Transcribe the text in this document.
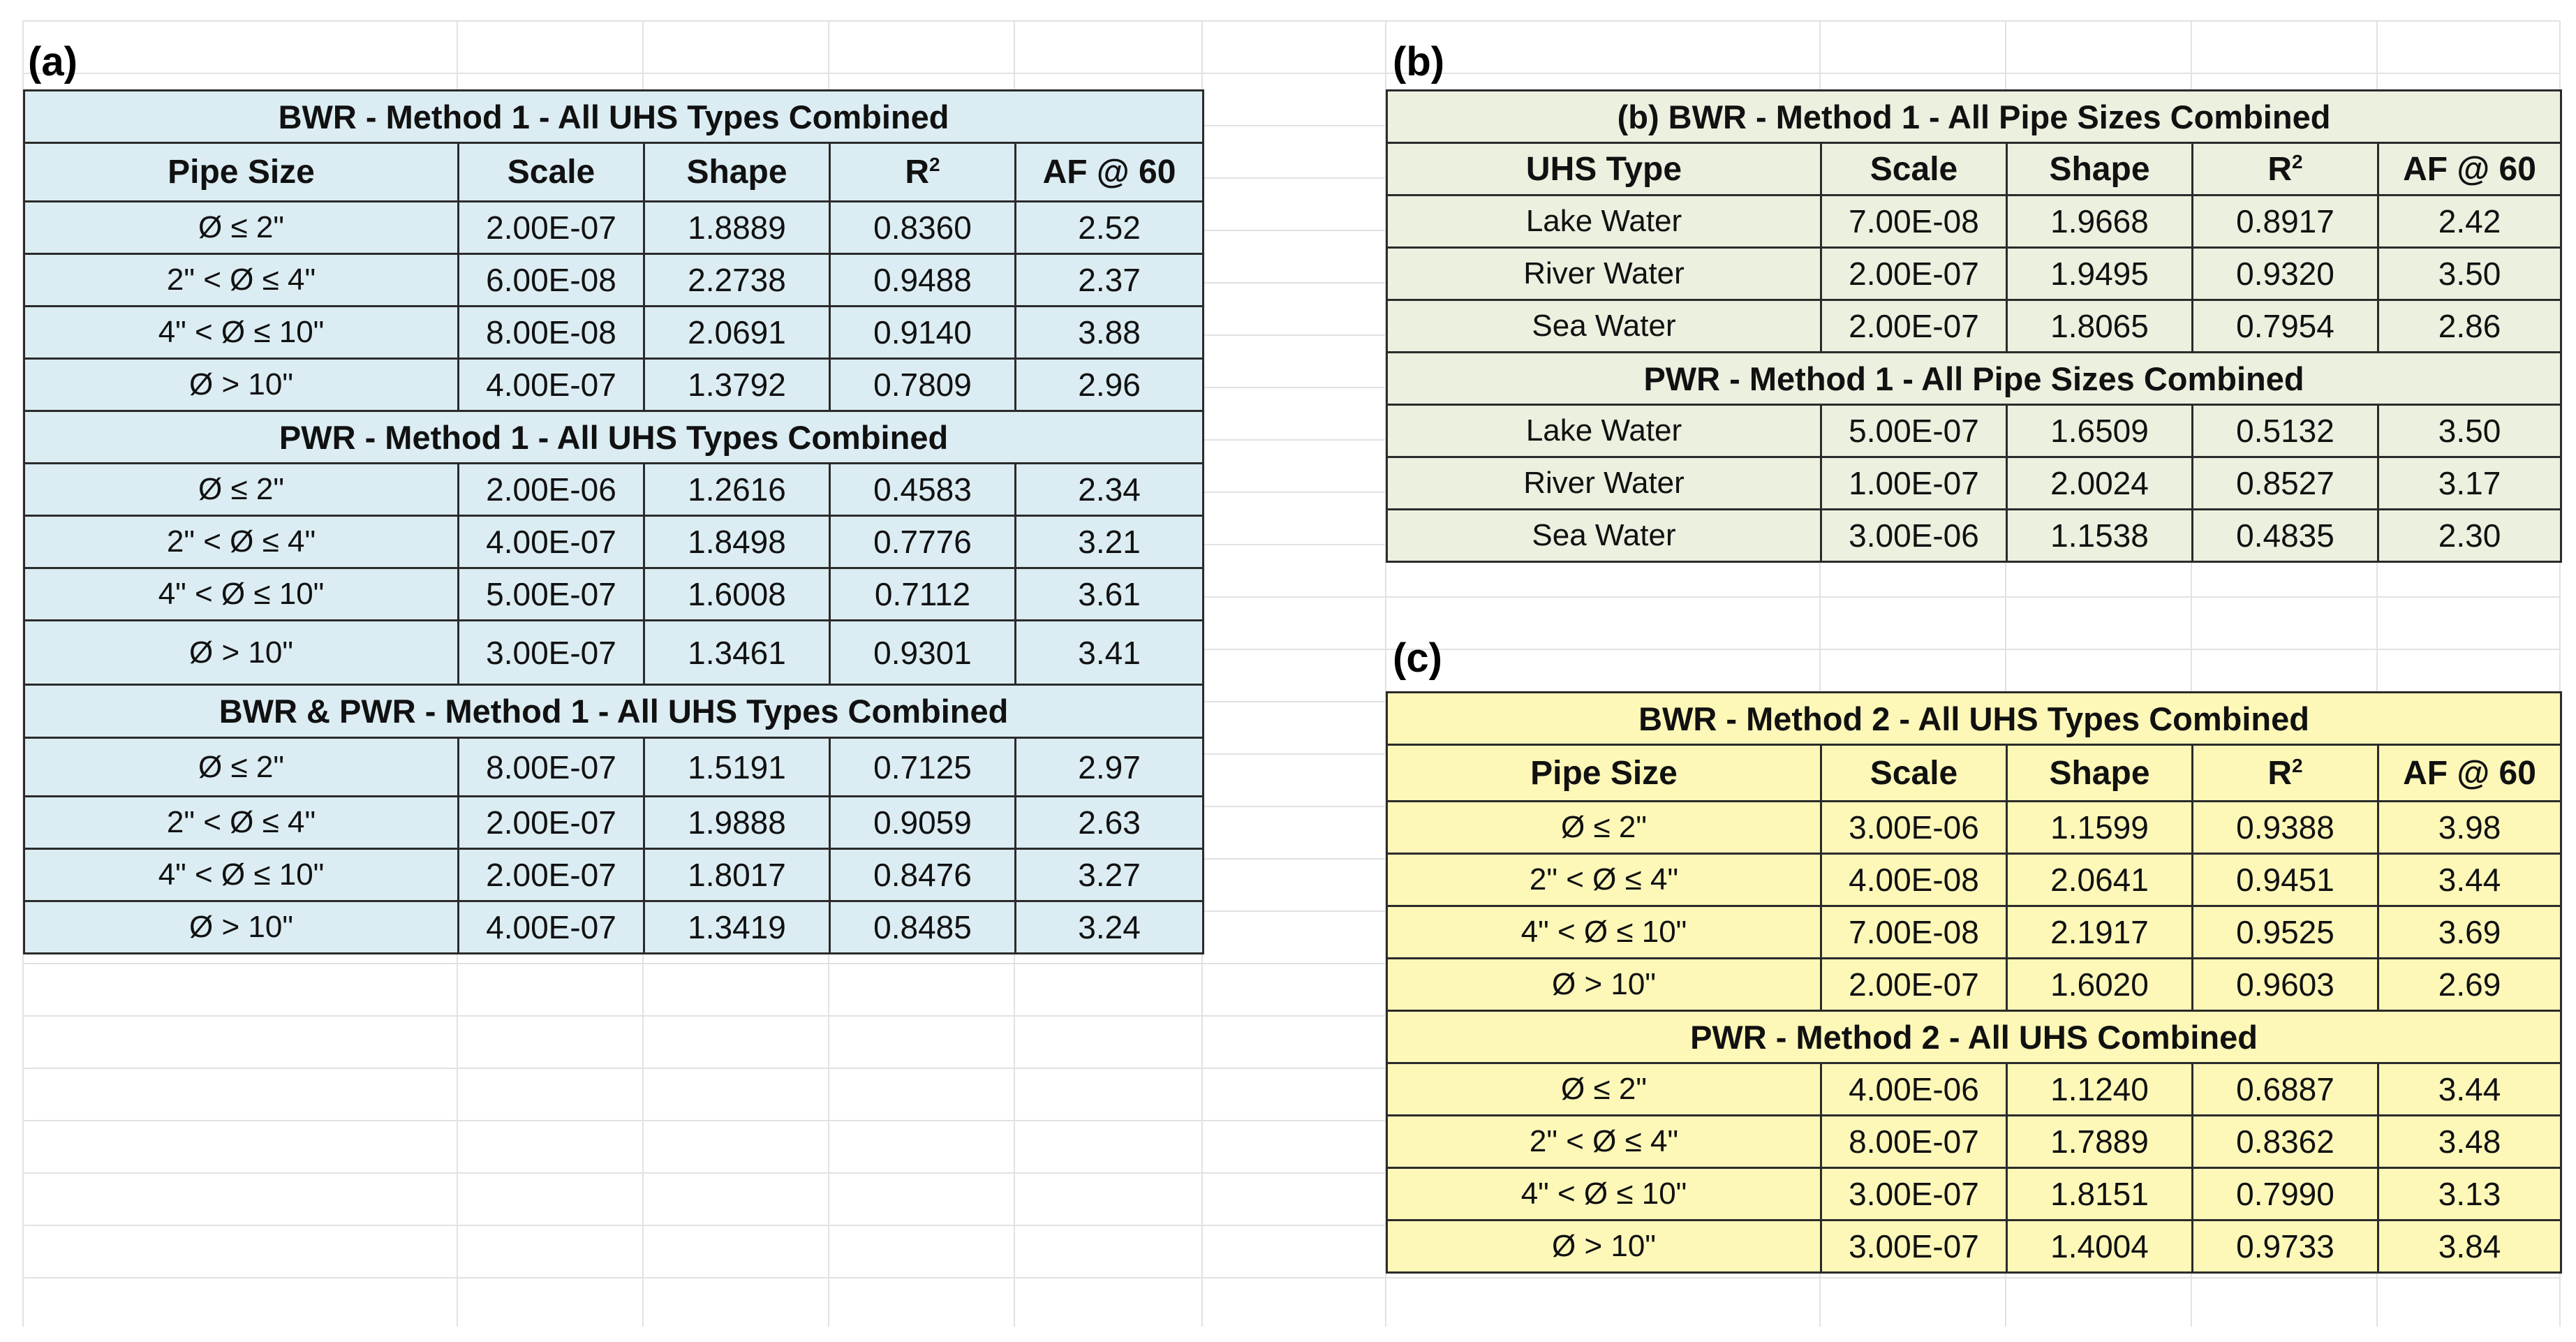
(a)	(b)
(c)
BWR - Method 1 - All UHS Types Combined				
Pipe Size	Scale	Shape	$R^2$	AF @ 60
Ø ≤ 2"	2.00E-07	1.8889	0.8360	2.52
2" < Ø ≤ 4"	6.00E-08	2.2738	0.9488	2.37
4" < Ø ≤ 10"	8.00E-08	2.0691	0.9140	3.88
Ø > 10"	4.00E-07	1.3792	0.7809	2.96
PWR - Method 1 - All UHS Types Combined				
Ø ≤ 2"	2.00E-06	1.2616	0.4583	2.34
2" < Ø ≤ 4"	4.00E-07	1.8498	0.7776	3.21
4" < Ø ≤ 10"	5.00E-07	1.6008	0.7112	3.61
Ø > 10"	3.00E-07	1.3461	0.9301	3.41
BWR & PWR - Method 1 - All UHS Types Combined				
Ø ≤ 2"	8.00E-07	1.5191	0.7125	2.97
2" < Ø ≤ 4"	2.00E-07	1.9888	0.9059	2.63
4" < Ø ≤ 10"	2.00E-07	1.8017	0.8476	3.27
Ø > 10"	4.00E-07	1.3419	0.8485	3.24
(b) BWR - Method 1 - All Pipe Sizes Combined				
UHS Type	Scale	Shape	$R^2$	AF @ 60
Lake Water	7.00E-08	1.9668	0.8917	2.42
River Water	2.00E-07	1.9495	0.9320	3.50
Sea Water	2.00E-07	1.8065	0.7954	2.86
PWR - Method 1 - All Pipe Sizes Combined				
Lake Water	5.00E-07	1.6509	0.5132	3.50
River Water	1.00E-07	2.0024	0.8527	3.17
Sea Water	3.00E-06	1.1538	0.4835	2.30
BWR - Method 2 - All UHS Types Combined				
Pipe Size	Scale	Shape	$R^2$	AF @ 60
Ø ≤ 2"	3.00E-06	1.1599	0.9388	3.98
2" < Ø ≤ 4"	4.00E-08	2.0641	0.9451	3.44
4" < Ø ≤ 10"	7.00E-08	2.1917	0.9525	3.69
Ø > 10"	2.00E-07	1.6020	0.9603	2.69
PWR - Method 2 - All UHS Combined				
Ø ≤ 2"	4.00E-06	1.1240	0.6887	3.44
2" < Ø ≤ 4"	8.00E-07	1.7889	0.8362	3.48
4" < Ø ≤ 10"	3.00E-07	1.8151	0.7990	3.13
Ø > 10"	3.00E-07	1.4004	0.9733	3.84
